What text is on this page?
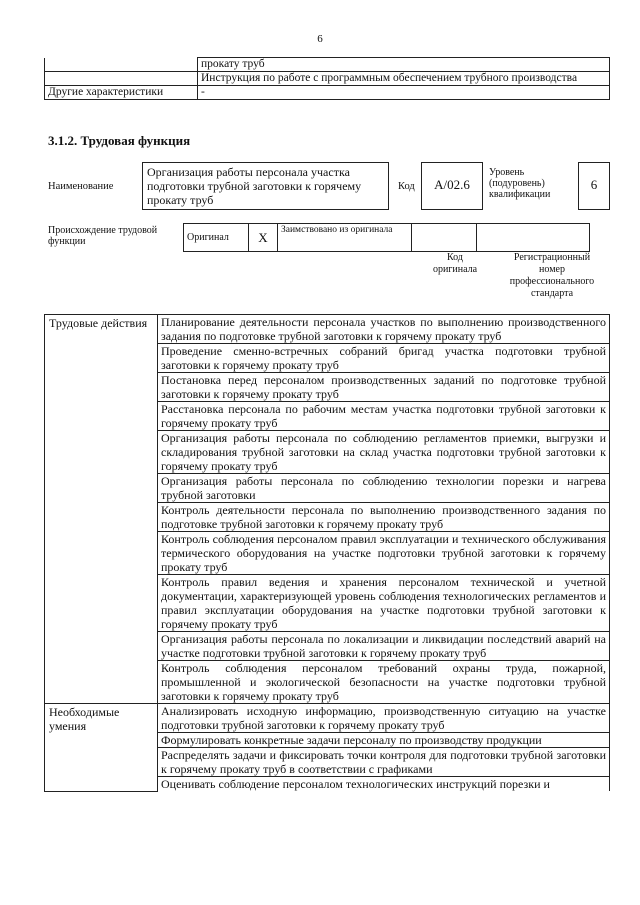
6
	прокату труб
	Инструкция по работе с программным обеспечением трубного производства
Другие характеристики	-
3.1.2. Трудовая функция
Наименование
Организация работы персонала участка подготовки трубной заготовки к горячему прокату труб
Код	A/02.6
Уровень (подуровень) квалификации
6
Происхождение трудовой функции	Оригинал	X	Заимствовано из оригинала		
Код оригинала
Регистрационный номер профессионального стандарта
Трудовые действия	Планирование деятельности персонала участков по выполнению производственного задания по подготовке трубной заготовки к горячему прокату труб
	Проведение сменно-встречных собраний бригад участка подготовки трубной заготовки к горячему прокату труб
	Постановка перед персоналом производственных заданий по подготовке трубной заготовки к горячему прокату труб
	Расстановка персонала по рабочим местам участка подготовки трубной заготовки к горячему прокату труб
	Организация работы персонала по соблюдению регламентов приемки, выгрузки и складирования трубной заготовки на склад участка подготовки трубной заготовки к горячему прокату труб
	Организация работы персонала по соблюдению технологии порезки и нагрева трубной заготовки
	Контроль деятельности персонала по выполнению производственного задания по подготовке трубной заготовки к горячему прокату труб
	Контроль соблюдения персоналом правил эксплуатации и технического обслуживания термического оборудования на участке подготовки трубной заготовки к горячему прокату труб
	Контроль правил ведения и хранения персоналом технической и учетной документации, характеризующей уровень соблюдения технологических регламентов и правил эксплуатации оборудования на участке подготовки трубной заготовки к горячему прокату труб
	Организация работы персонала по локализации и ликвидации последствий аварий на участке подготовки трубной заготовки к горячему прокату труб
	Контроль соблюдения персоналом требований охраны труда, пожарной, промышленной и экологической безопасности на участке подготовки трубной заготовки к горячему прокату труб
Необходимые умения	Анализировать исходную информацию, производственную ситуацию на участке подготовки трубной заготовки к горячему прокату труб
	Формулировать конкретные задачи персоналу по производству продукции
	Распределять задачи и фиксировать точки контроля для подготовки трубной заготовки к горячему прокату труб в соответствии с графиками
	Оценивать соблюдение персоналом технологических инструкций порезки и
